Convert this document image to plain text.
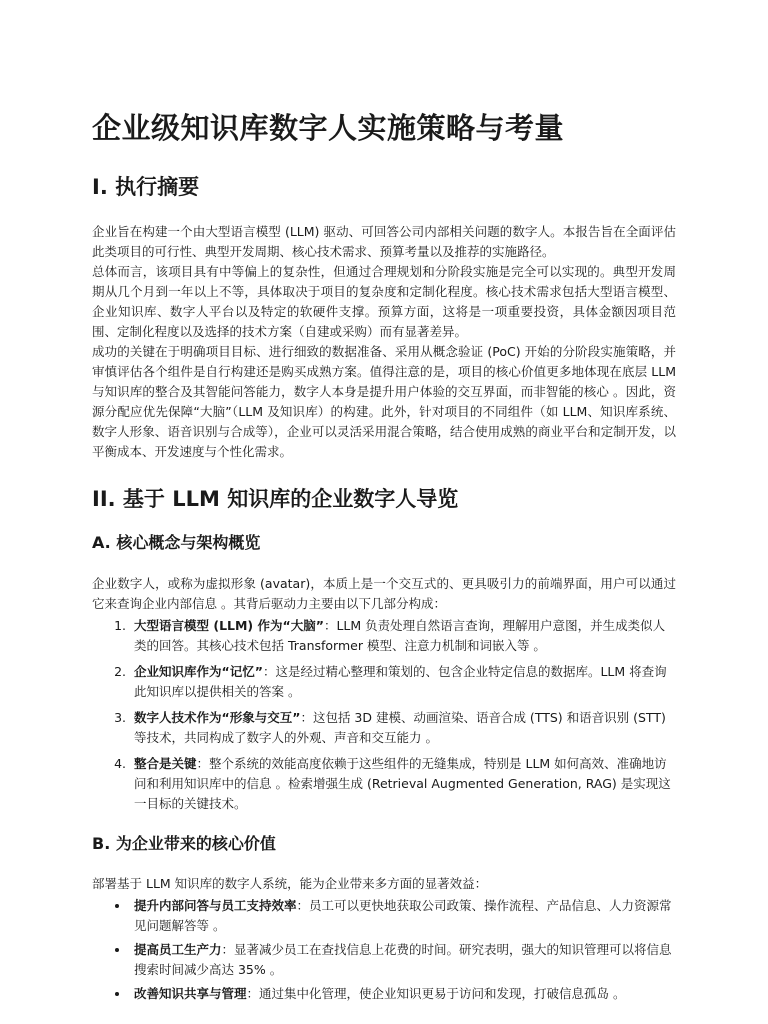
企业级知识库数字人实施策略与考量
I. 执行摘要

企业旨在构建一个由大型语言模型 (LLM) 驱动、可回答公司内部相关问题的数字人。本报告旨在全面评估此类项目的可行性、典型开发周期、核心技术需求、预算考量以及推荐的实施路径。

总体而言，该项目具有中等偏上的复杂性，但通过合理规划和分阶段实施是完全可以实现的。典型开发周期从几个月到一年以上不等，具体取决于项目的复杂度和定制化程度。核心技术需求包括大型语言模型、企业知识库、数字人平台以及特定的软硬件支撑。预算方面，这将是一项重要投资，具体金额因项目范围、定制化程度以及选择的技术方案（自建或采购）而有显著差异。

成功的关键在于明确项目目标、进行细致的数据准备、采用从概念验证 (PoC) 开始的分阶段实施策略，并审慎评估各个组件是自行构建还是购买成熟方案。值得注意的是，项目的核心价值更多地体现在底层 LLM 与知识库的整合及其智能问答能力，数字人本身是提升用户体验的交互界面，而非智能的核心 。因此，资源分配应优先保障“大脑”（LLM 及知识库）的构建。此外，针对项目的不同组件（如 LLM、知识库系统、数字人形象、语音识别与合成等），企业可以灵活采用混合策略，结合使用成熟的商业平台和定制开发，以平衡成本、开发速度与个性化需求。

II. 基于 LLM 知识库的企业数字人导览
A. 核心概念与架构概览

企业数字人，或称为虚拟形象 (avatar)，本质上是一个交互式的、更具吸引力的前端界面，用户可以通过它来查询企业内部信息 。其背后驱动力主要由以下几部分构成：

1. 大型语言模型 (LLM) 作为“大脑”：LLM 负责处理自然语言查询，理解用户意图，并生成类似人类的回答。其核心技术包括 Transformer 模型、注意力机制和词嵌入等 。
2. 企业知识库作为“记忆”：这是经过精心整理和策划的、包含企业特定信息的数据库。LLM 将查询此知识库以提供相关的答案 。
3. 数字人技术作为“形象与交互”：这包括 3D 建模、动画渲染、语音合成 (TTS) 和语音识别 (STT) 等技术，共同构成了数字人的外观、声音和交互能力 。
4. 整合是关键：整个系统的效能高度依赖于这些组件的无缝集成，特别是 LLM 如何高效、准确地访问和利用知识库中的信息 。检索增强生成 (Retrieval Augmented Generation, RAG) 是实现这一目标的关键技术。
B. 为企业带来的核心价值

部署基于 LLM 知识库的数字人系统，能为企业带来多方面的显著效益：

• 提升内部问答与员工支持效率：员工可以更快地获取公司政策、操作流程、产品信息、人力资源常见问题解答等 。
• 提高员工生产力：显著减少员工在查找信息上花费的时间。研究表明，强大的知识管理可以将信息搜索时间减少高达 35% 。
• 改善知识共享与管理：通过集中化管理，使企业知识更易于访问和发现，打破信息孤岛 。
